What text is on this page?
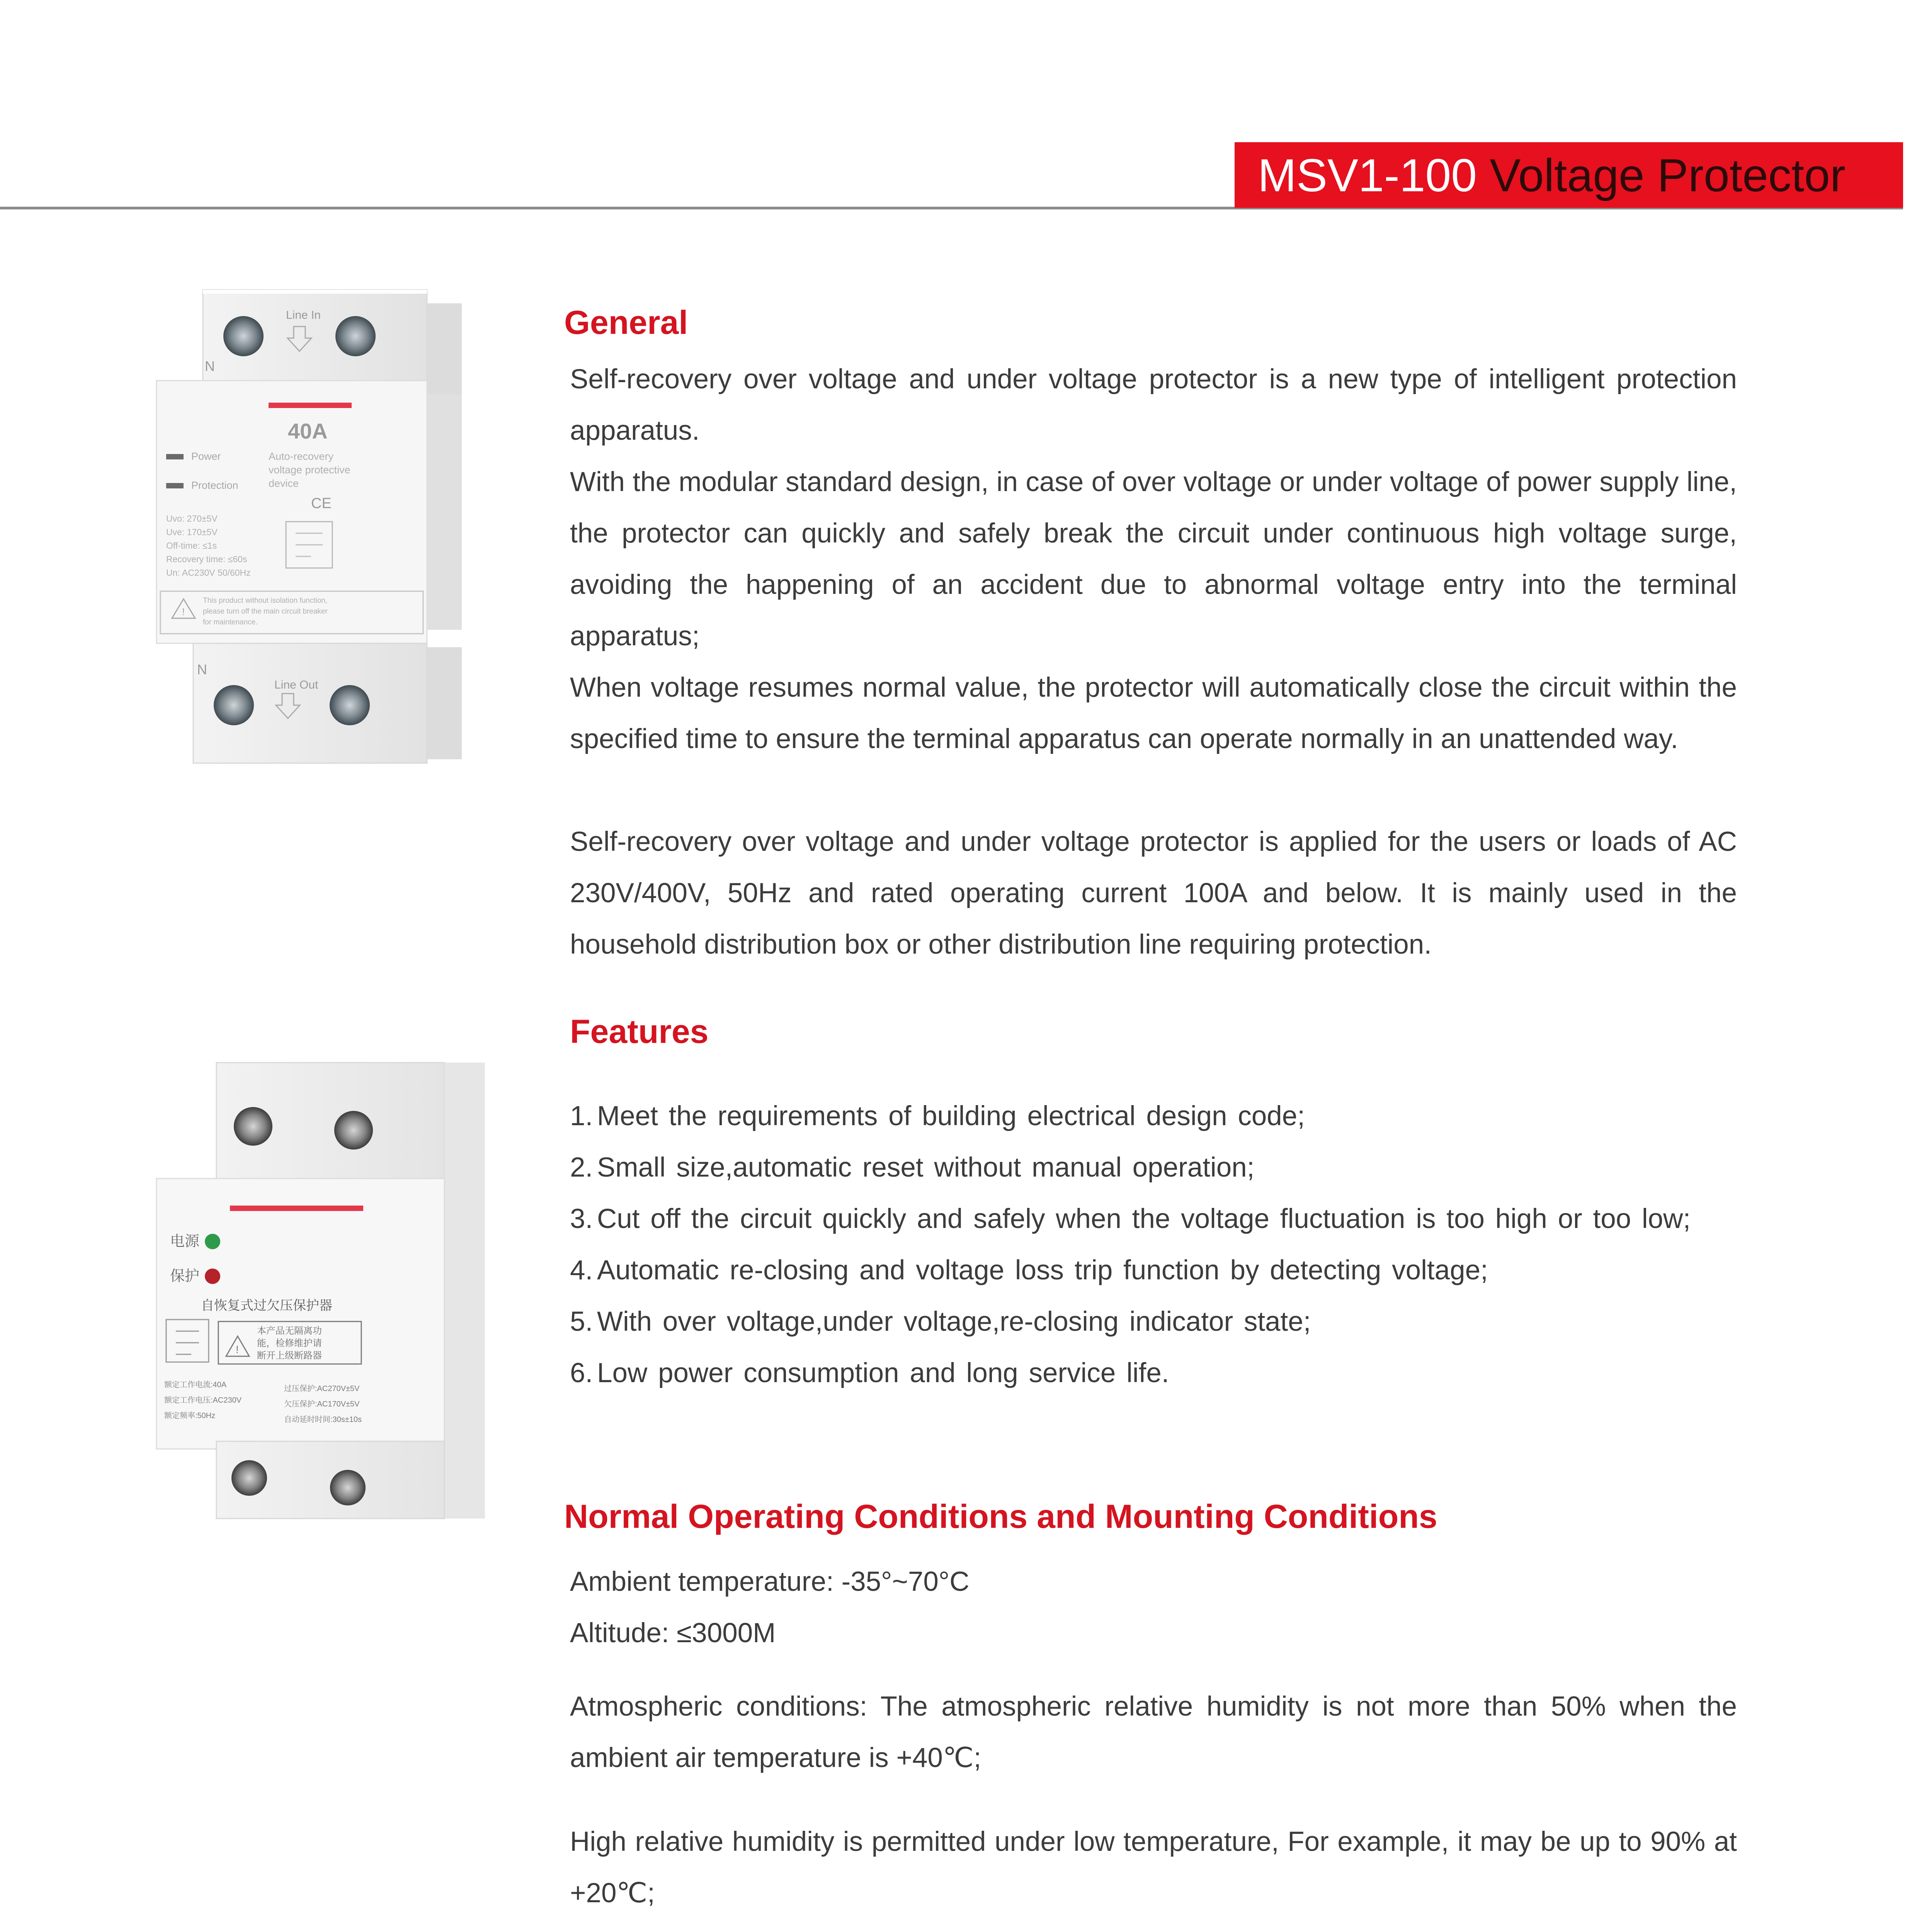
MSV1-100 Voltage Protector
Line In
N
40A
Power
Protection
Auto-recovery
voltage protective
device
CE
Uvo: 270±5V
Uve: 170±5V
Off-time: ≤1s
Recovery time: ≤60s
Un: AC230V 50/60Hz
!
This product without isolation function,
please turn off the main circuit breaker
for maintenance.
N
Line Out
电源
保护
自恢复式过欠压保护器
!
本产品无隔离功
能，检修维护请
断开上级断路器
额定工作电流:40A
额定工作电压:AC230V
额定频率:50Hz
过压保护:AC270V±5V
欠压保护:AC170V±5V
自动延时时间:30s±10s
General
Self-recovery over voltage and under voltage protector is a new type of intelligent protection apparatus.
With the modular standard design, in case of over voltage or under voltage of power supply line, the protector can quickly and safely break the circuit under continuous high voltage surge, avoiding the happening of an accident due to abnormal voltage entry into the terminal apparatus;
When voltage resumes normal value, the protector will automatically close the circuit within the specified time to ensure the terminal apparatus can operate normally in an unattended way.
Self-recovery over voltage and under voltage protector is applied for the users or loads of AC 230V/400V, 50Hz and rated operating current 100A and below. It is mainly used in the household distribution box or other distribution line requiring protection.
Features
1. Meet the requirements of building electrical design code;
2. Small size,automatic reset without manual operation;
3. Cut off the circuit quickly and safely when the voltage fluctuation is too high or too low;
4. Automatic re-closing and voltage loss trip function by detecting voltage;
5. With over voltage,under voltage,re-closing indicator state;
6. Low power consumption and long service life.
Normal Operating Conditions and Mounting Conditions
Ambient temperature: -35°~70°C
Altitude: ≤3000M
Atmospheric conditions: The atmospheric relative humidity is not more than 50% when the ambient air temperature is +40℃;
High relative humidity is permitted under low temperature, For example, it may be up to 90% at +20℃;
